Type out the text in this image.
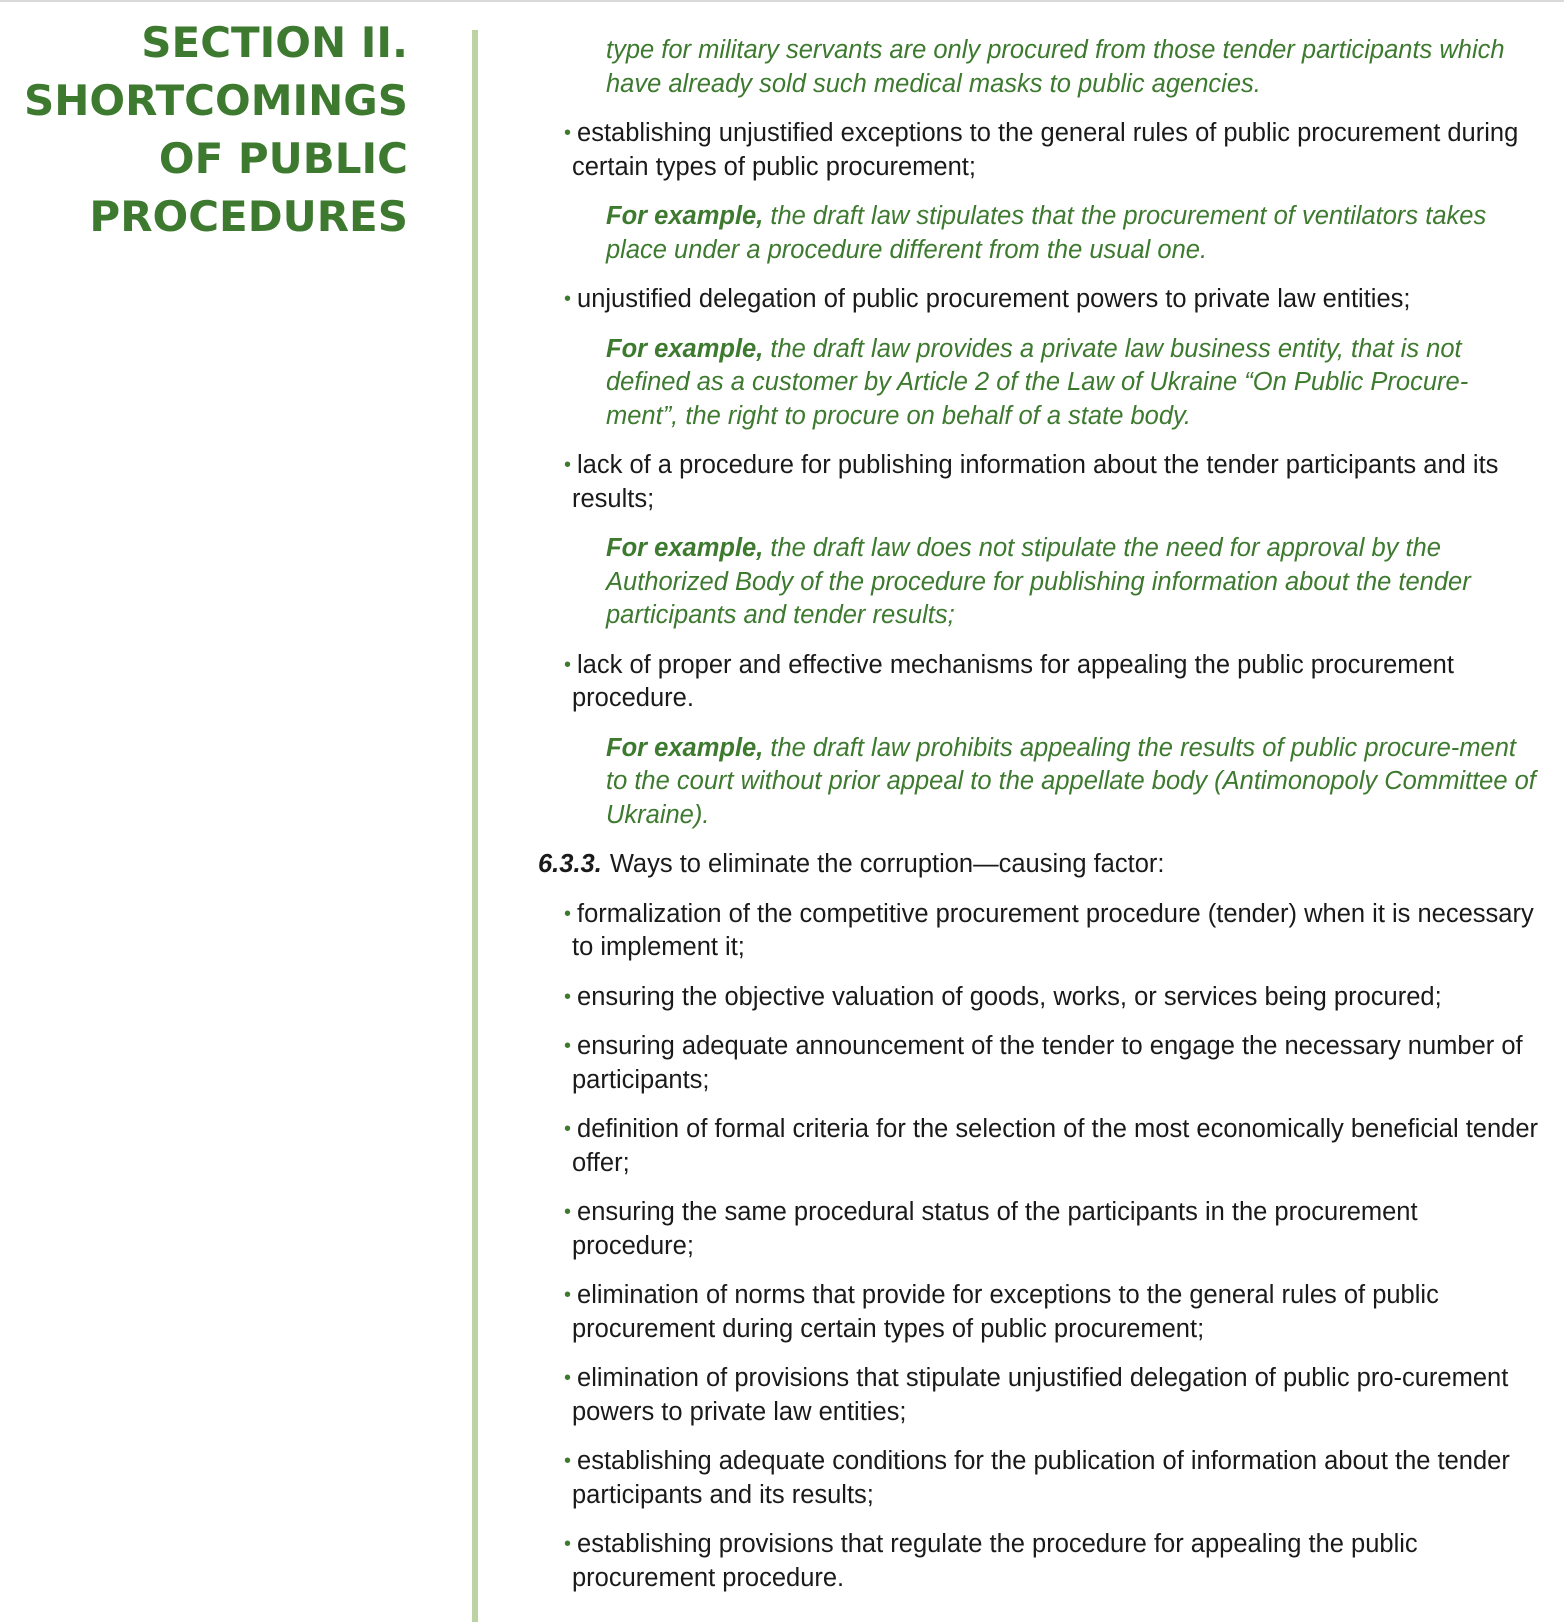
SECTION II.
SHORTCOMINGS
OF PUBLIC
PROCEDURES

type for military servants are only procured from those tender participants which have already sold such medical masks to public agencies.

• establishing unjustified exceptions to the general rules of public procurement during certain types of public procurement;

For example, the draft law stipulates that the procurement of ventilators takes place under a procedure different from the usual one.

• unjustified delegation of public procurement powers to private law entities;

For example, the draft law provides a private law business entity, that is not defined as a customer by Article 2 of the Law of Ukraine “On Public Procure-ment”, the right to procure on behalf of a state body.

• lack of a procedure for publishing information about the tender participants and its results;

For example, the draft law does not stipulate the need for approval by the Authorized Body of the procedure for publishing information about the tender participants and tender results;

• lack of proper and effective mechanisms for appealing the public procurement procedure.

For example, the draft law prohibits appealing the results of public procure-ment to the court without prior appeal to the appellate body (Antimonopoly Committee of Ukraine).

6.3.3. Ways to eliminate the corruption—causing factor:

• formalization of the competitive procurement procedure (tender) when it is necessary to implement it;

• ensuring the objective valuation of goods, works, or services being procured;

• ensuring adequate announcement of the tender to engage the necessary number of participants;

• definition of formal criteria for the selection of the most economically beneficial tender offer;

• ensuring the same procedural status of the participants in the procurement procedure;

• elimination of norms that provide for exceptions to the general rules of public procurement during certain types of public procurement;

• elimination of provisions that stipulate unjustified delegation of public pro-curement powers to private law entities;

• establishing adequate conditions for the publication of information about the tender participants and its results;

• establishing provisions that regulate the procedure for appealing the public procurement procedure.
